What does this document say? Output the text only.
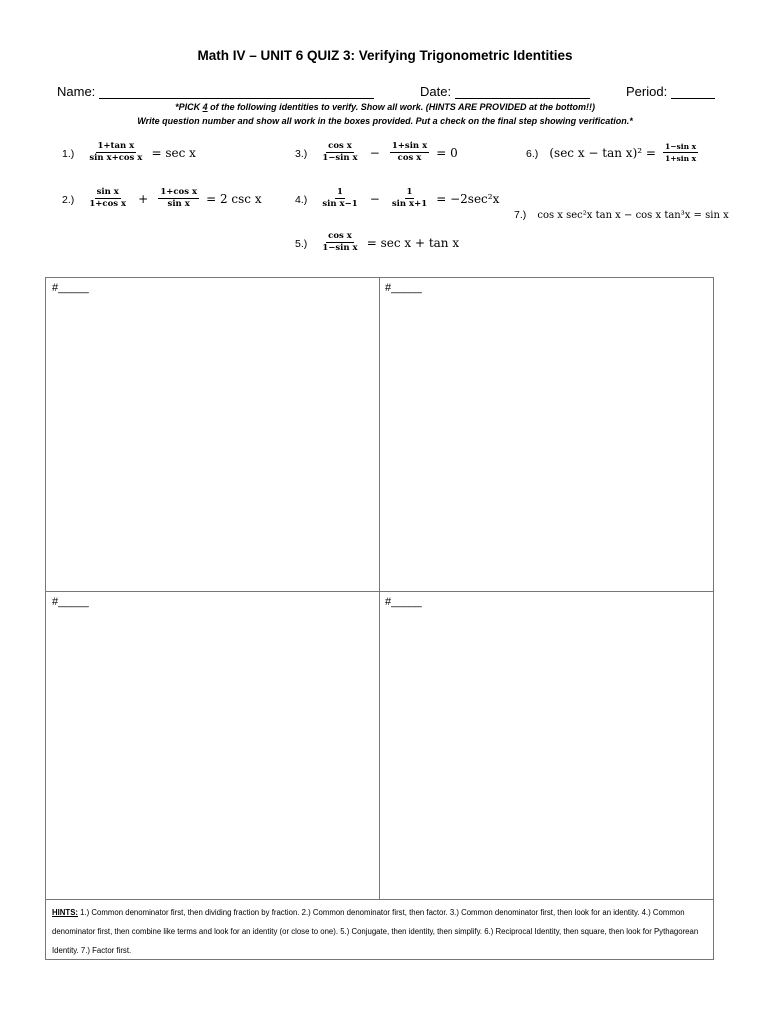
Math IV – UNIT 6 QUIZ 3: Verifying Trigonometric Identities
Name:	Date:	Period:
*PICK 4 of the following identities to verify. Show all work. (HINTS ARE PROVIDED at the bottom!!)
Write question number and show all work in the boxes provided. Put a check on the final step showing verification.*
$1.) \frac{\text{1+tan x}}{\text{sin x+cos x}} = \sec x$
$2.) \frac{\text{sin x}}{\text{1+cos x}} + \frac{\text{1+cos x}}{\text{sin x}} = 2$ csc x
$3.) \frac{\text{cos x}}{\text{1−sin x}} - \frac{\text{1+sin x}}{\text{cos x}} = 0$
$4.) \frac{1}{\text{sin x−1}} - \frac{1}{\text{sin x+1}} = -2\sec^2x$
$5.) \frac{\text{cos x}}{\text{1−sin x}} = \sec x + \tan x$
6.) (sec $x - \tan x)^2 = \frac{\text{1−sin x}}{\text{1+sin x}}$
7.) cos x sec²x tan x − cos x tan³x = sin x
#_____	#_____
#_____	#_____
HINTS: 1.) Common denominator first, then dividing fraction by fraction. 2.) Common denominator first, then factor. 3.) Common denominator first, then look for an identity. 4.) Common denominator first, then combine like terms and look for an identity (or close to one). 5.) Conjugate, then identity, then simplify. 6.) Reciprocal Identity, then square, then look for Pythagorean Identity. 7.) Factor first.
